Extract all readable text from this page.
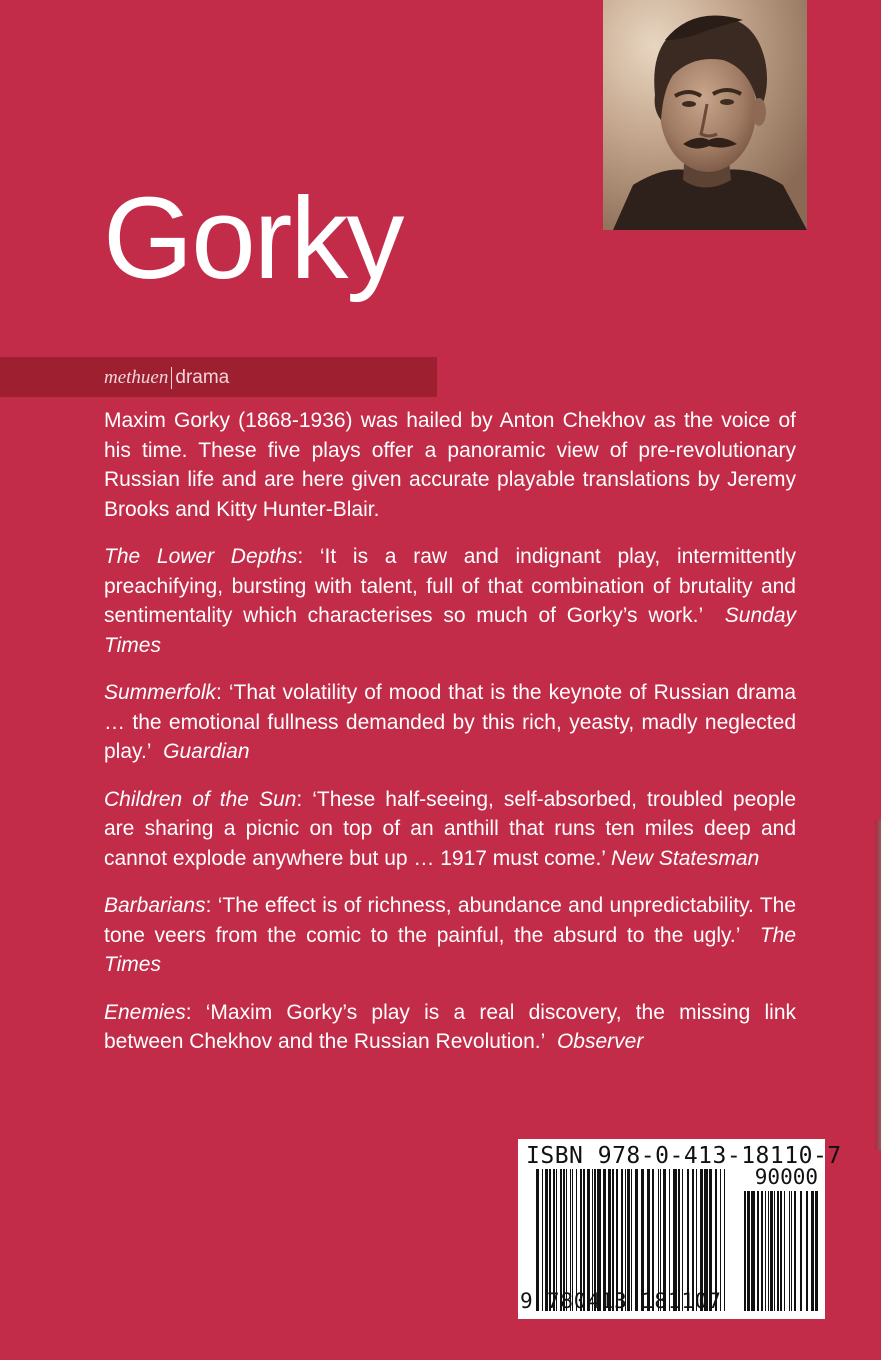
Gorky
methuen drama

Maxim Gorky (1868-1936) was hailed by Anton Chekhov as the voice of his time. These five plays offer a panoramic view of pre-revolutionary Russian life and are here given accurate playable translations by Jeremy Brooks and Kitty Hunter-Blair.

The Lower Depths: ‘It is a raw and indignant play, intermittently preachifying, bursting with talent, full of that combination of brutality and sentimentality which characterises so much of Gorky’s work.’ Sunday Times

Summerfolk: ‘That volatility of mood that is the keynote of Russian drama … the emotional fullness demanded by this rich, yeasty, madly neglected play.’ Guardian

Children of the Sun: ‘These half-seeing, self-absorbed, troubled people are sharing a picnic on top of an anthill that runs ten miles deep and cannot explode anywhere but up … 1917 must come.’ New Statesman

Barbarians: ‘The effect is of richness, abundance and unpredictability. The tone veers from the comic to the painful, the absurd to the ugly.’ The Times

Enemies: ‘Maxim Gorky’s play is a real discovery, the missing link between Chekhov and the Russian Revolution.’ Observer

ISBN 978-0-413-18110-7
90000
9 780413 181107
